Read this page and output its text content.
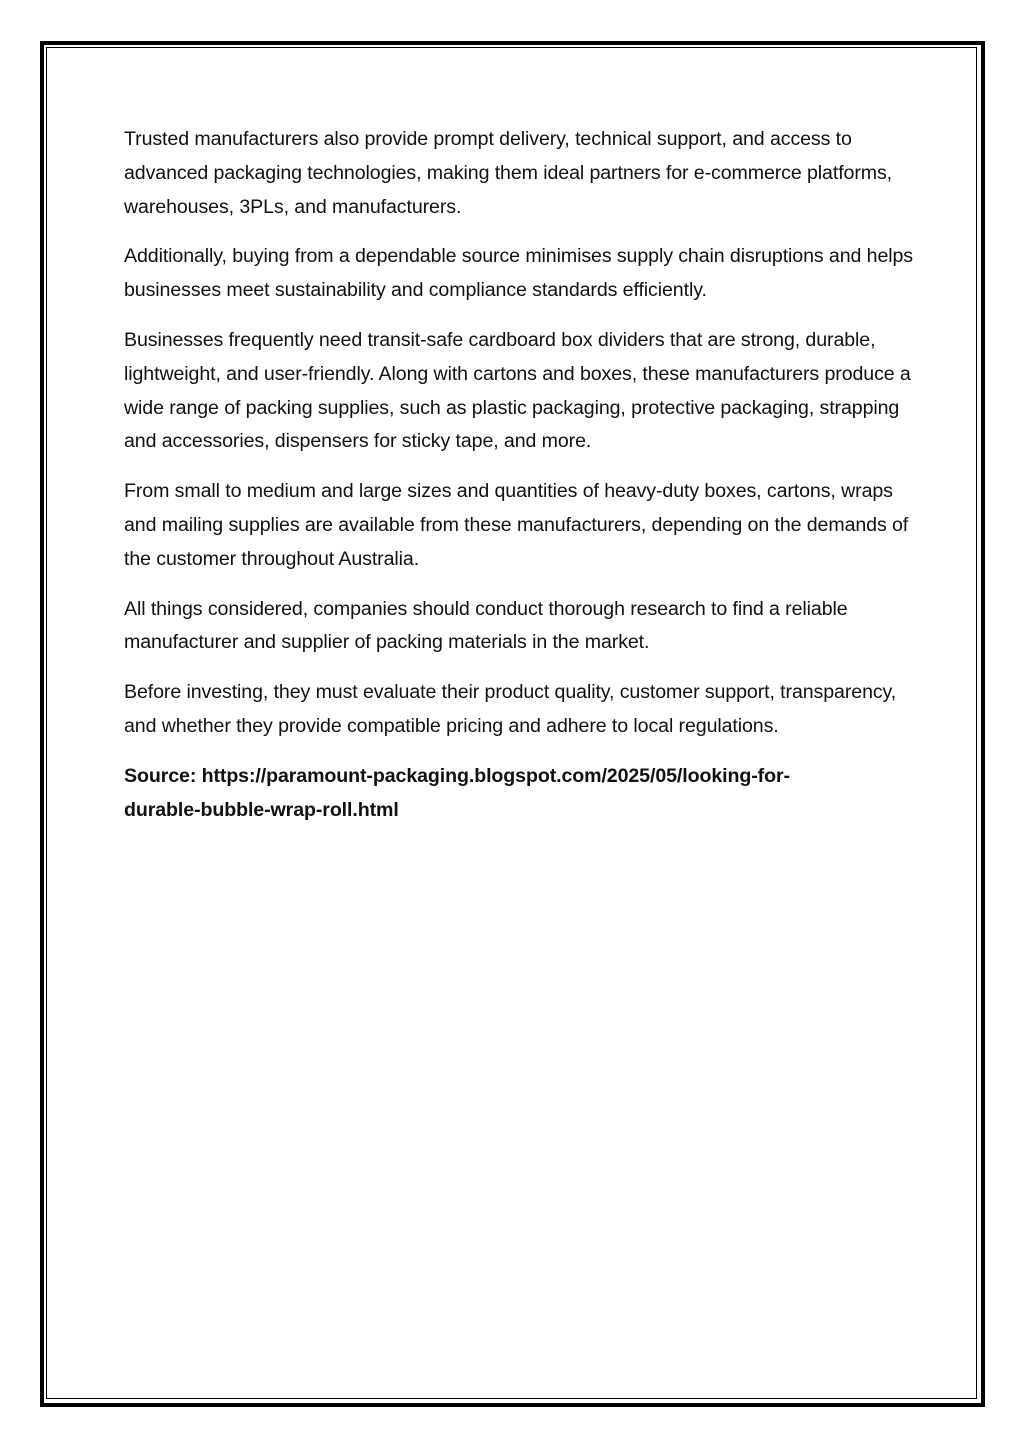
Trusted manufacturers also provide prompt delivery, technical support, and access to advanced packaging technologies, making them ideal partners for e-commerce platforms, warehouses, 3PLs, and manufacturers.

Additionally, buying from a dependable source minimises supply chain disruptions and helps businesses meet sustainability and compliance standards efficiently.

Businesses frequently need transit-safe cardboard box dividers that are strong, durable, lightweight, and user-friendly. Along with cartons and boxes, these manufacturers produce a wide range of packing supplies, such as plastic packaging, protective packaging, strapping and accessories, dispensers for sticky tape, and more.

From small to medium and large sizes and quantities of heavy-duty boxes, cartons, wraps and mailing supplies are available from these manufacturers, depending on the demands of the customer throughout Australia.

All things considered, companies should conduct thorough research to find a reliable manufacturer and supplier of packing materials in the market.

Before investing, they must evaluate their product quality, customer support, transparency, and whether they provide compatible pricing and adhere to local regulations.

Source: https://paramount-packaging.blogspot.com/2025/05/looking-for-
durable-bubble-wrap-roll.html
